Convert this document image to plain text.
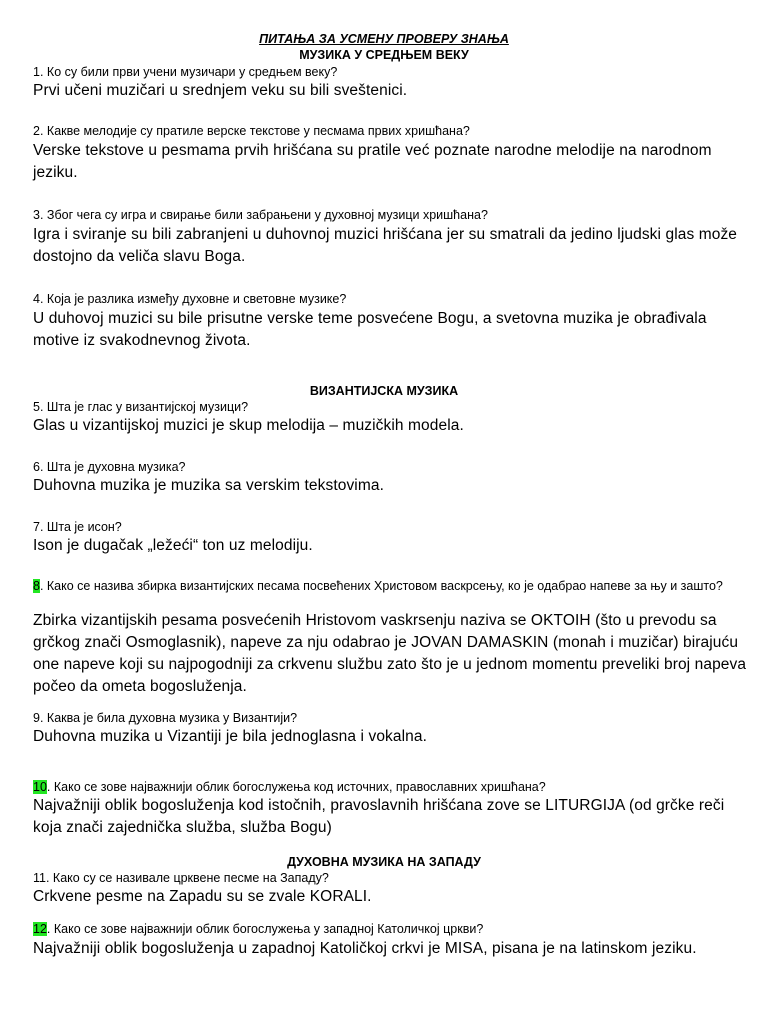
ПИТАЊА ЗА УСМЕНУ ПРОВЕРУ ЗНАЊА
МУЗИКА У СРЕДЊЕМ ВЕКУ
1. Ко су били први учени музичари у средњем веку?
Prvi učeni muzičari u srednjem veku su bili sveštenici.
2. Какве мелодије су пратиле верске текстове у песмама првих хришћана?
Verske tekstove u pesmama prvih hrišćana su pratile već poznate narodne melodije na narodnom jeziku.
3. Због чега су игра и свирање били забрањени у духовној музици хришћана?
Igra i sviranje su bili zabranjeni u duhovnoj muzici hrišćana jer su smatrali da jedino ljudski glas može dostojno da veliča slavu Boga.
4. Која је разлика између духовне и световне музике?
U duhovoj muzici su bile prisutne verske teme posvećene Bogu, a svetovna muzika je obrađivala motive iz svakodnevnog života.
ВИЗАНТИЈСКА МУЗИКА
5. Шта је глас у византијској музици?
Glas u vizantijskoj muzici je skup melodija – muzičkih modela.
6. Шта је духовна музика?
Duhovna muzika je muzika sa verskim tekstovima.
7. Шта је исон?
Ison je dugačak „ležeći“ ton uz melodiju.
8. Како се назива збирка византијских песама посвећених Христовом васкрсењу, ко је одабрао напеве за њу и зашто?
Zbirka vizantijskih pesama posvećenih Hristovom vaskrsenju naziva se OKTOIH (što u prevodu sa grčkog znači Osmoglasnik), napeve za nju odabrao je JOVAN DAMASKIN (monah i muzičar) birajuću one napeve koji su najpogodniji za crkvenu službu zato što je u jednom momentu preveliki broj napeva počeo da ometa bogosluženja.
9. Каква је била духовна музика у Византији?
Duhovna muzika u Vizantiji je bila jednoglasna i vokalna.
10. Како се зове најважнији облик богослужења код источних, православних хришћана?
Najvažniji oblik bogosluženja kod istočnih, pravoslavnih hrišćana zove se LITURGIJA (od grčke reči koja znači zajednička služba, služba Bogu)
ДУХОВНА МУЗИКА НА ЗАПАДУ
11. Како су се називале црквене песме на Западу?
Crkvene pesme na Zapadu su se zvale KORALI.
12. Како се зове најважнији облик богослужења у западној Католичкој цркви?
Najvažniji oblik bogosluženja u zapadnoj Katoličkoj crkvi je MISA, pisana je na latinskom jeziku.
